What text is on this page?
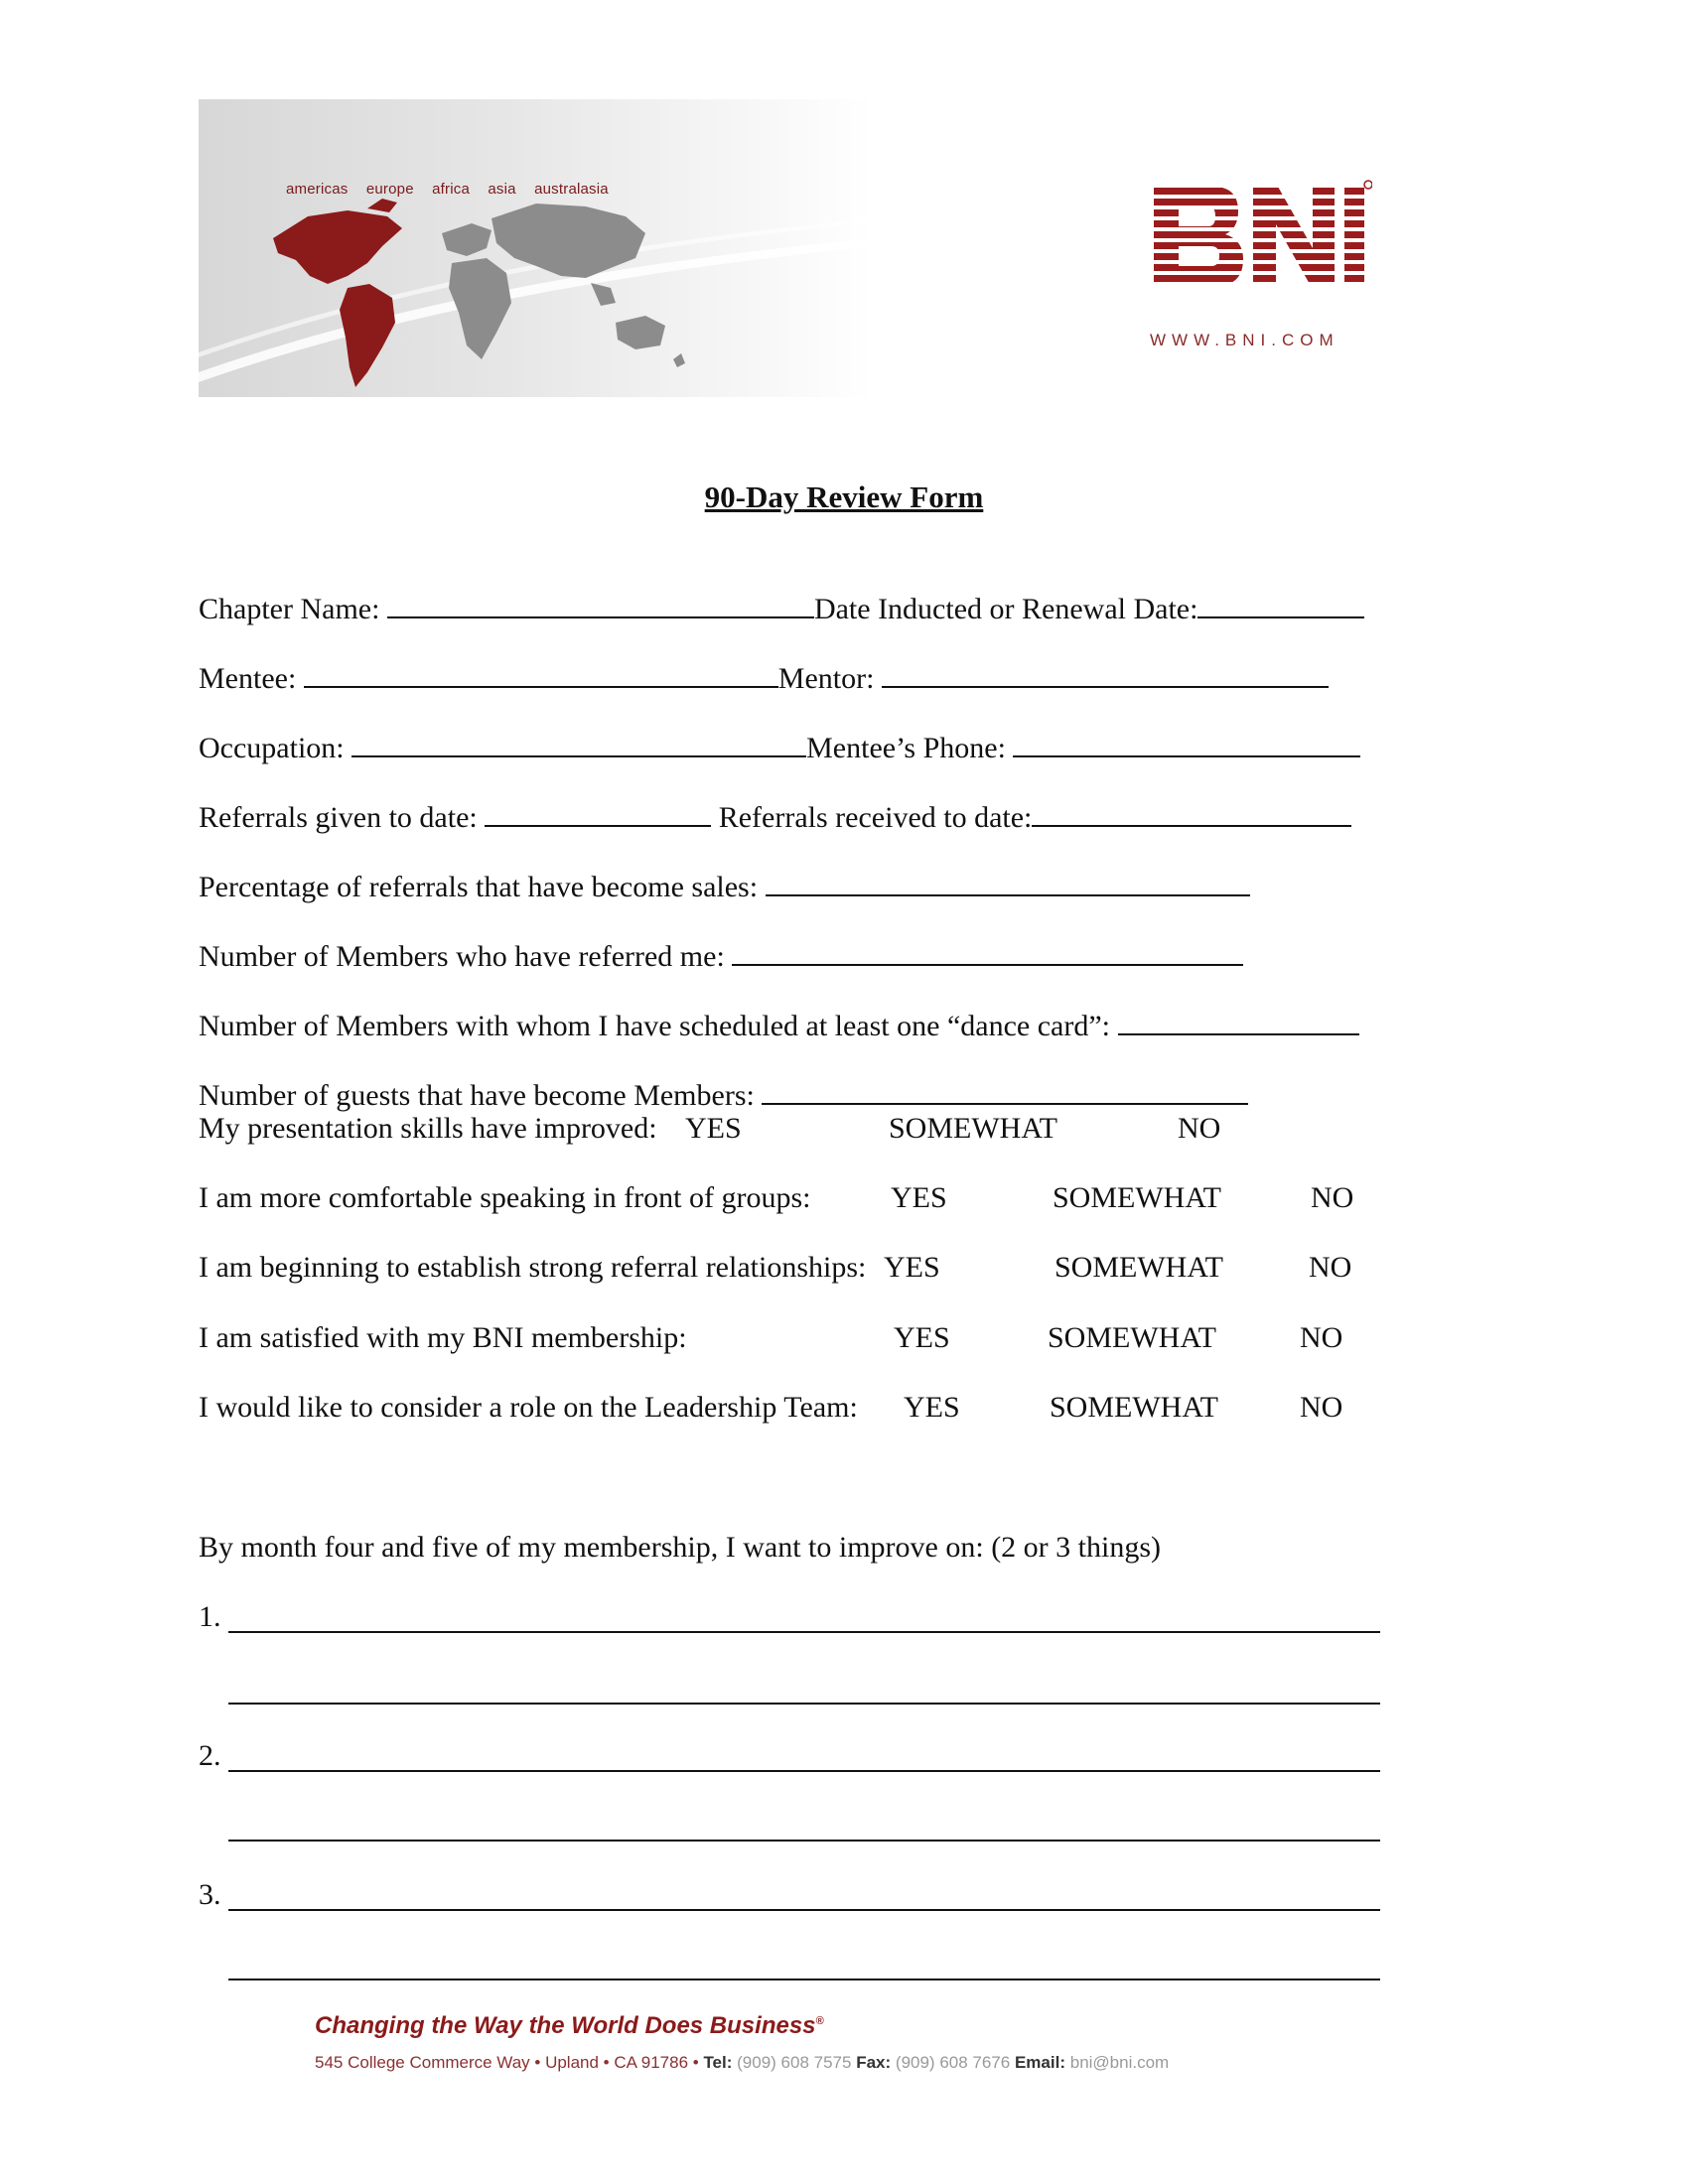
americas europe africa asia australasia
WWW.BNI.COM
90-Day Review Form
Chapter Name:	Date Inducted or Renewal Date:
Mentee:	Mentor:
Occupation:	Mentee’s Phone:
Referrals given to date:	Referrals received to date:
Percentage of referrals that have become sales:
Number of Members who have referred me:
Number of Members with whom I have scheduled at least one “dance card”:
Number of guests that have become Members:
My presentation skills have improved: YES	SOMEWHAT	NO
I am more comfortable speaking in front of groups:	YES	SOMEWHAT	NO
I am beginning to establish strong referral relationships: YES	SOMEWHAT	NO
I am satisfied with my BNI membership:	YES	SOMEWHAT	NO
I would like to consider a role on the Leadership Team: YES	SOMEWHAT	NO
By month four and five of my membership, I want to improve on: (2 or 3 things)
1.
2.
3.
Changing the Way the World Does Business®
545 College Commerce Way • Upland • CA 91786 • Tel: (909) 608 7575 Fax: (909) 608 7676 Email: bni@bni.com
